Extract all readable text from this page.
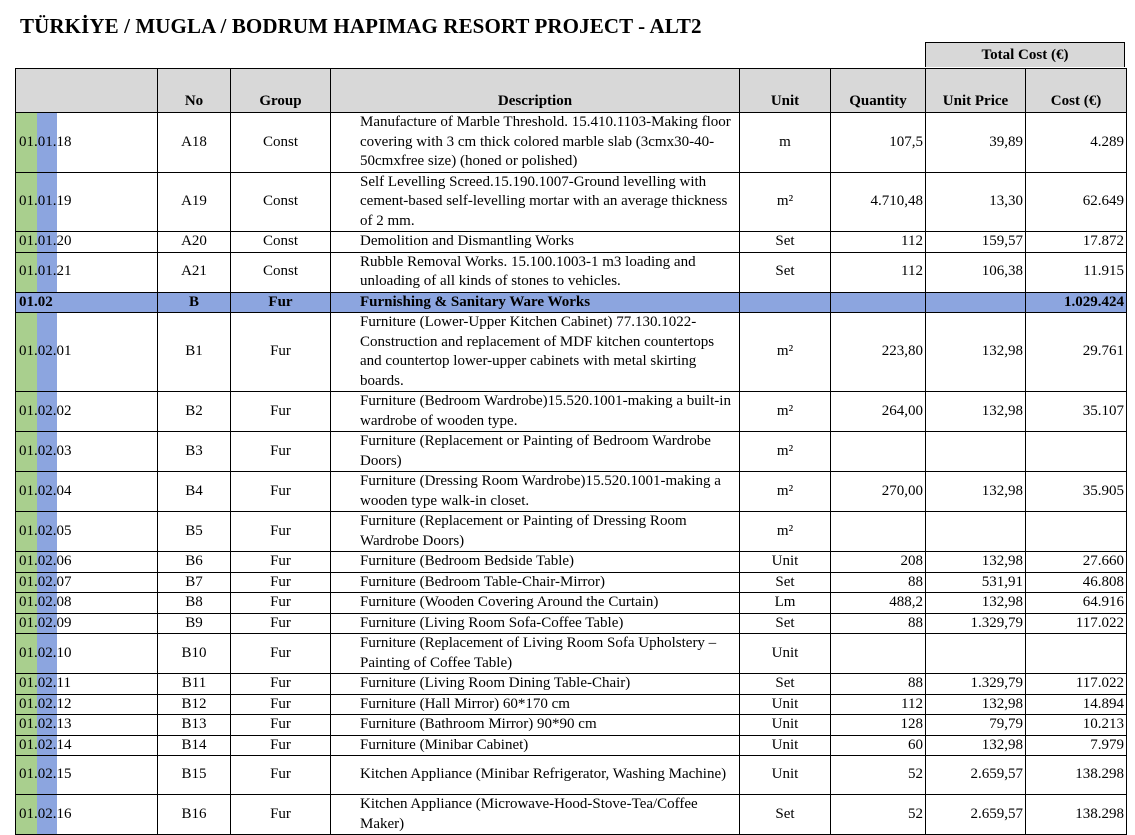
TÜRKİYE / MUGLA / BODRUM HAPIMAG RESORT PROJECT - ALT2
Total Cost (€)
	No	Group	Description	Unit	Quantity	Unit Price	Cost (€)

01.01.18	A18	Const	Manufacture of Marble Threshold. 15.410.1103-Making floor covering with 3 cm thick colored marble slab (3cmx30-40-50cmxfree size) (honed or polished)	m	107,5	39,89	4.289

01.01.19	A19	Const	Self Levelling Screed.15.190.1007-Ground levelling with cement-based self-levelling mortar with an average thickness of 2 mm.	m²	4.710,48	13,30	62.649

01.01.20	A20	Const	Demolition and Dismantling Works	Set	112	159,57	17.872

01.01.21	A21	Const	Rubble Removal Works. 15.100.1003-1 m3 loading and unloading of all kinds of stones to vehicles.	Set	112	106,38	11.915
01.02	B	Fur	Furnishing & Sanitary Ware Works				1.029.424

01.02.01	B1	Fur	Furniture (Lower-Upper Kitchen Cabinet) 77.130.1022-Construction and replacement of MDF kitchen countertops and countertop lower-upper cabinets with metal skirting boards.	m²	223,80	132,98	29.761

01.02.02	B2	Fur	Furniture (Bedroom Wardrobe)15.520.1001-making a built-in wardrobe of wooden type.	m²	264,00	132,98	35.107

01.02.03	B3	Fur	Furniture (Replacement or Painting of Bedroom Wardrobe Doors)	m²			

01.02.04	B4	Fur	Furniture (Dressing Room Wardrobe)15.520.1001-making a wooden type walk-in closet.	m²	270,00	132,98	35.905

01.02.05	B5	Fur	Furniture (Replacement or Painting of Dressing Room Wardrobe Doors)	m²			

01.02.06	B6	Fur	Furniture (Bedroom Bedside Table)	Unit	208	132,98	27.660

01.02.07	B7	Fur	Furniture (Bedroom Table-Chair-Mirror)	Set	88	531,91	46.808

01.02.08	B8	Fur	Furniture (Wooden Covering Around the Curtain)	Lm	488,2	132,98	64.916

01.02.09	B9	Fur	Furniture (Living Room Sofa-Coffee Table)	Set	88	1.329,79	117.022

01.02.10	B10	Fur	Furniture (Replacement of Living Room Sofa Upholstery – Painting of Coffee Table)	Unit			

01.02.11	B11	Fur	Furniture (Living Room Dining Table-Chair)	Set	88	1.329,79	117.022

01.02.12	B12	Fur	Furniture (Hall Mirror) 60*170 cm	Unit	112	132,98	14.894

01.02.13	B13	Fur	Furniture (Bathroom Mirror) 90*90 cm	Unit	128	79,79	10.213

01.02.14	B14	Fur	Furniture (Minibar Cabinet)	Unit	60	132,98	7.979

01.02.15	B15	Fur	Kitchen Appliance (Minibar Refrigerator, Washing Machine)	Unit	52	2.659,57	138.298

01.02.16	B16	Fur	Kitchen Appliance (Microwave-Hood-Stove-Tea/Coffee Maker)	Set	52	2.659,57	138.298
